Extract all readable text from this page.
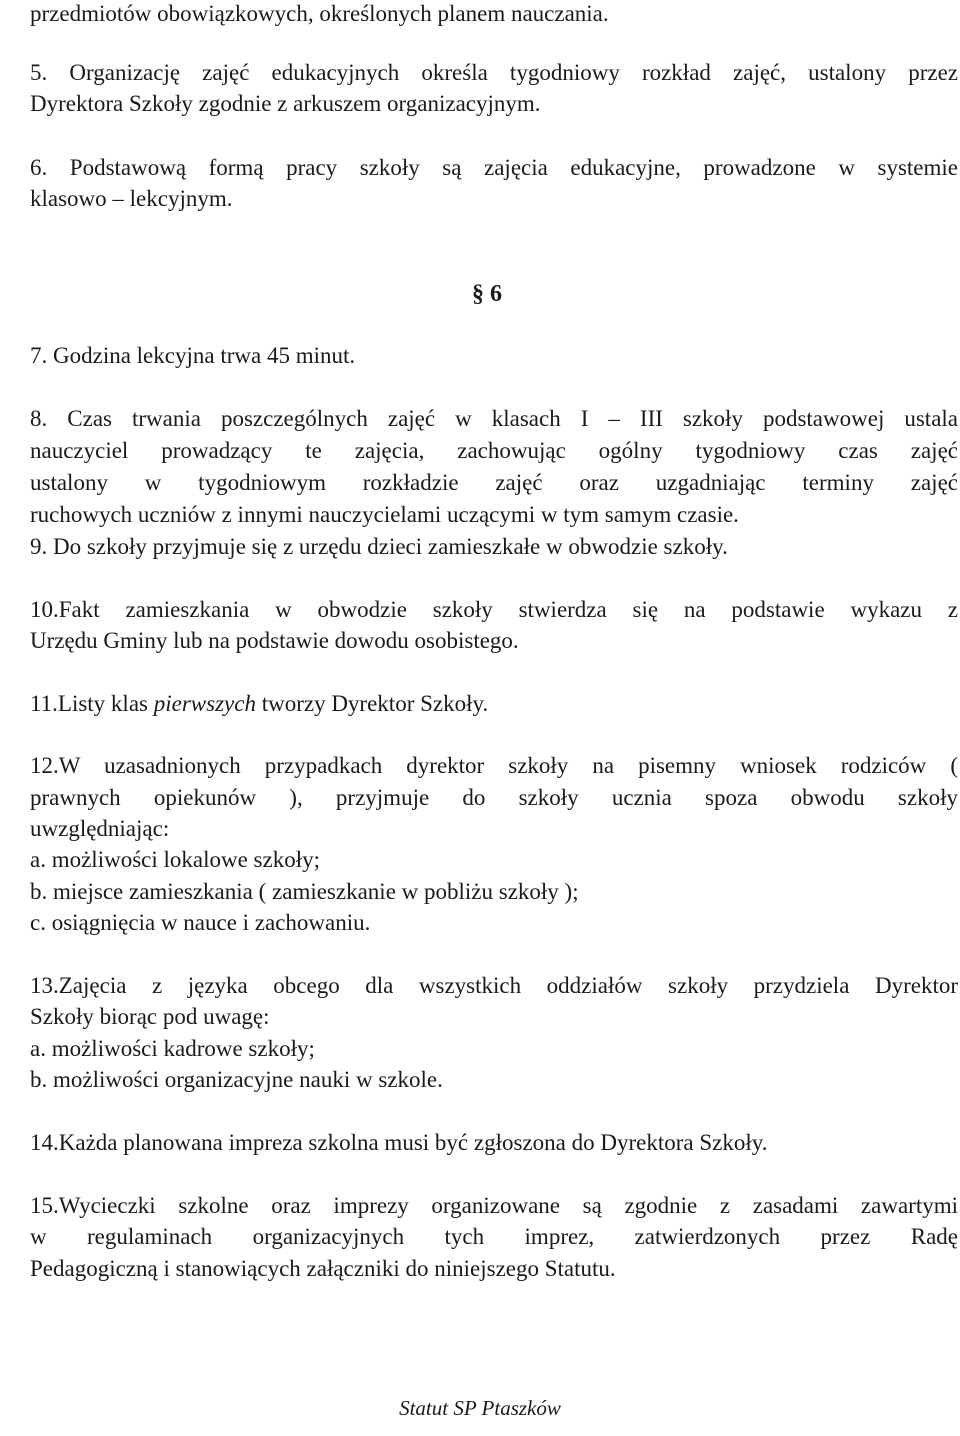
przedmiotów obowiązkowych, określonych planem nauczania.
5. Organizację zajęć edukacyjnych określa tygodniowy rozkład zajęć, ustalony przez
Dyrektora Szkoły zgodnie z arkuszem organizacyjnym.
6. Podstawową formą pracy szkoły są zajęcia edukacyjne, prowadzone w systemie
klasowo – lekcyjnym.
§ 6
7. Godzina lekcyjna trwa 45 minut.
8. Czas trwania poszczególnych zajęć w klasach I – III szkoły podstawowej ustala
nauczyciel prowadzący te zajęcia, zachowując ogólny tygodniowy czas zajęć
ustalony w tygodniowym rozkładzie zajęć oraz uzgadniając terminy zajęć
ruchowych uczniów z innymi nauczycielami uczącymi w tym samym czasie.
9. Do szkoły przyjmuje się z urzędu dzieci zamieszkałe w obwodzie szkoły.
10.Fakt zamieszkania w obwodzie szkoły stwierdza się na podstawie wykazu z
Urzędu Gminy lub na podstawie dowodu osobistego.
11.Listy klas pierwszych tworzy Dyrektor Szkoły.
12.W uzasadnionych przypadkach dyrektor szkoły na pisemny wniosek rodziców (
prawnych opiekunów ), przyjmuje do szkoły ucznia spoza obwodu szkoły
uwzględniając:
a. możliwości lokalowe szkoły;
b. miejsce zamieszkania ( zamieszkanie w pobliżu szkoły );
c. osiągnięcia w nauce i zachowaniu.
13.Zajęcia z języka obcego dla wszystkich oddziałów szkoły przydziela Dyrektor
Szkoły biorąc pod uwagę:
a. możliwości kadrowe szkoły;
b. możliwości organizacyjne nauki w szkole.
14.Każda planowana impreza szkolna musi być zgłoszona do Dyrektora Szkoły.
15.Wycieczki szkolne oraz imprezy organizowane są zgodnie z zasadami zawartymi
w regulaminach organizacyjnych tych imprez, zatwierdzonych przez Radę
Pedagogiczną i stanowiących załączniki do niniejszego Statutu.
Statut SP Ptaszków
